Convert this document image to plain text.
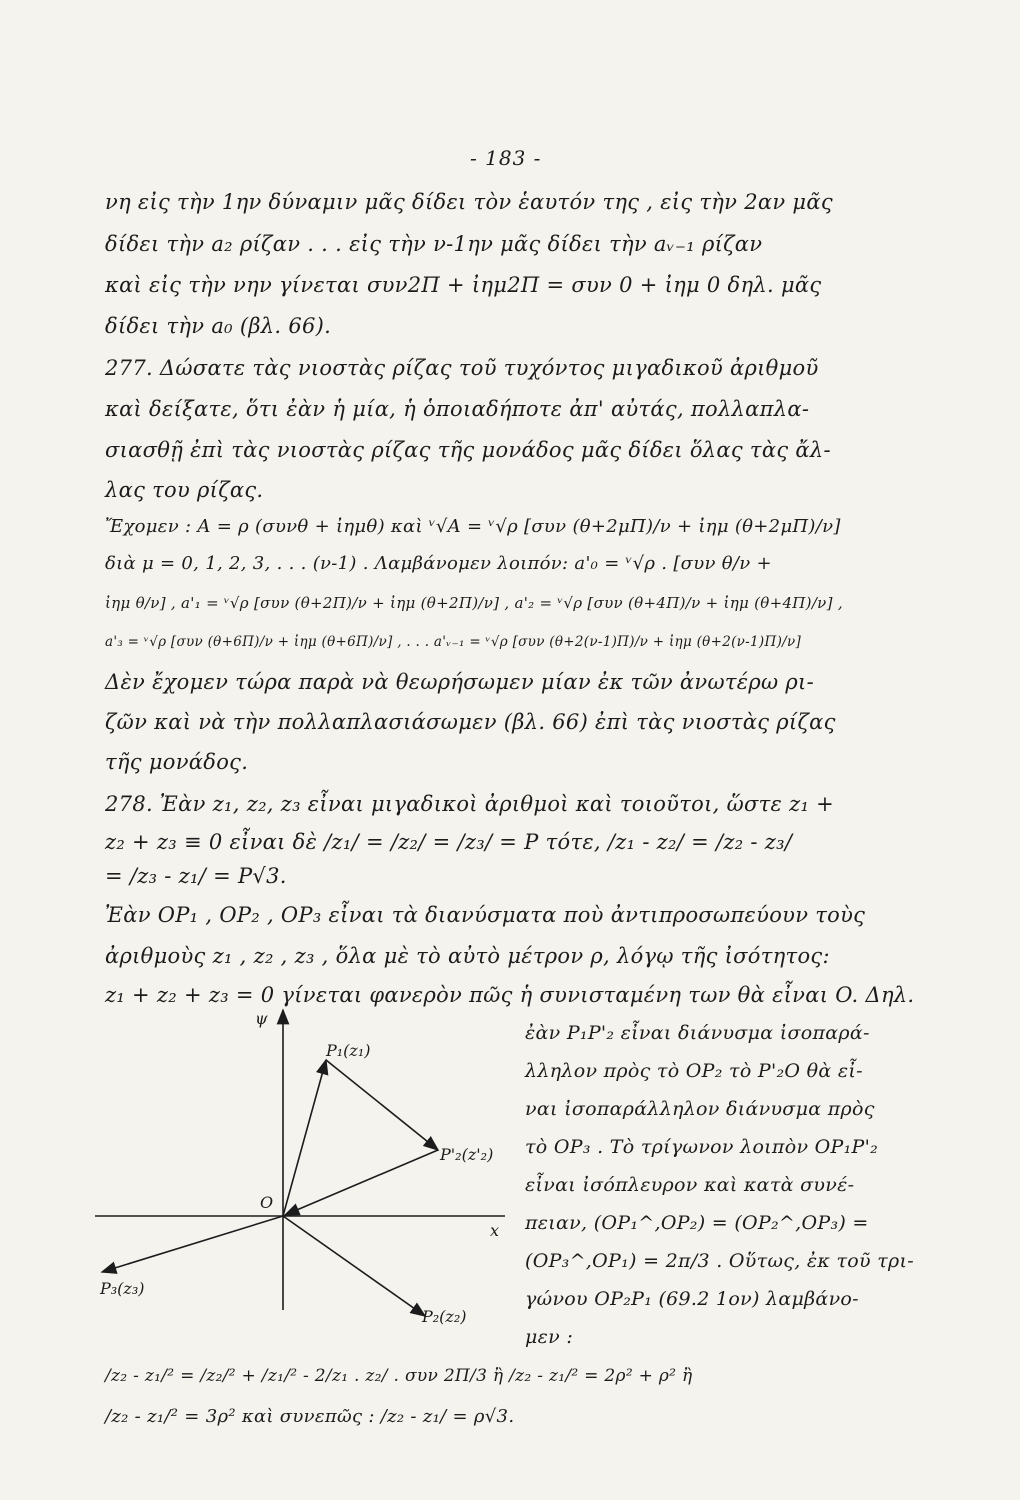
- 183 -
νη εἰς τὴν 1ην δύναμιν μᾶς δίδει τὸν ἑαυτόν της , εἰς τὴν 2αν μᾶς
δίδει τὴν a₂ ρίζαν . . . εἰς τὴν ν-1ην μᾶς δίδει τὴν aᵥ₋₁ ρίζαν
καὶ εἰς τὴν νην γίνεται συν2Π + ἰημ2Π = συν 0 + ἰημ 0 δηλ. μᾶς
δίδει τὴν a₀ (βλ. 66).
277. Δώσατε τὰς νιοστὰς ρίζας τοῦ τυχόντος μιγαδικοῦ ἀριθμοῦ
καὶ δείξατε, ὅτι ἐὰν ἡ μία, ἡ ὁποιαδήποτε ἀπ' αὐτάς, πολλαπλα-
σιασθῇ ἐπὶ τὰς νιοστὰς ρίζας τῆς μονάδος μᾶς δίδει ὅλας τὰς ἄλ-
λας του ρίζας.
Ἔχομεν : A = ρ (συνθ + ἰημθ) καὶ ᵛ√A = ᵛ√ρ [συν (θ+2μΠ)/ν + ἰημ (θ+2μΠ)/ν]
διὰ μ = 0, 1, 2, 3, . . . (ν-1) . Λαμβάνομεν λοιπόν: a'₀ = ᵛ√ρ . [συν θ/ν +
ἰημ θ/ν] , a'₁ = ᵛ√ρ [συν (θ+2Π)/ν + ἰημ (θ+2Π)/ν] , a'₂ = ᵛ√ρ [συν (θ+4Π)/ν + ἰημ (θ+4Π)/ν] ,
a'₃ = ᵛ√ρ [συν (θ+6Π)/ν + ἰημ (θ+6Π)/ν] , . . . a'ᵥ₋₁ = ᵛ√ρ [συν (θ+2(ν-1)Π)/ν + ἰημ (θ+2(ν-1)Π)/ν]
Δὲν ἔχομεν τώρα παρὰ νὰ θεωρήσωμεν μίαν ἐκ τῶν ἀνωτέρω ρι-
ζῶν καὶ νὰ τὴν πολλαπλασιάσωμεν (βλ. 66) ἐπὶ τὰς νιοστὰς ρίζας
τῆς μονάδος.
278. Ἐὰν z₁, z₂, z₃ εἶναι μιγαδικοὶ ἀριθμοὶ καὶ τοιοῦτοι, ὥστε z₁ +
z₂ + z₃ ≡ 0 εἶναι δὲ /z₁/ = /z₂/ = /z₃/ = P τότε, /z₁ - z₂/ = /z₂ - z₃/
= /z₃ - z₁/ = P√3.
Ἐὰν OP₁ , OP₂ , OP₃ εἶναι τὰ διανύσματα ποὺ ἀντιπροσωπεύουν τοὺς
ἀριθμοὺς z₁ , z₂ , z₃ , ὅλα μὲ τὸ αὐτὸ μέτρον ρ, λόγῳ τῆς ἰσότητος:
z₁ + z₂ + z₃ = 0 γίνεται φανερὸν πῶς ἡ συνισταμένη των θὰ εἶναι O. Δηλ.
ἐὰν P₁P'₂ εἶναι διάνυσμα ἰσοπαρά-
λληλον πρὸς τὸ OP₂ τὸ P'₂O θὰ εἶ-
ναι ἰσοπαράλληλον διάνυσμα πρὸς
τὸ OP₃ . Τὸ τρίγωνον λοιπὸν OP₁P'₂
εἶναι ἰσόπλευρον καὶ κατὰ συνέ-
πειαν, (OP₁^,OP₂) = (OP₂^,OP₃) =
(OP₃^,OP₁) = 2π/3 . Οὕτως, ἐκ τοῦ τρι-
γώνου OP₂P₁ (69.2 1ον) λαμβάνο-
μεν :
ψ
x
O
P₁(z₁)
P'₂(z'₂)
P₂(z₂)
P₃(z₃)
/z₂ - z₁/² = /z₂/² + /z₁/² - 2/z₁ . z₂/ . συν 2Π/3 ἢ /z₂ - z₁/² = 2ρ² + ρ² ἢ
/z₂ - z₁/² = 3ρ² καὶ συνεπῶς : /z₂ - z₁/ = ρ√3.
